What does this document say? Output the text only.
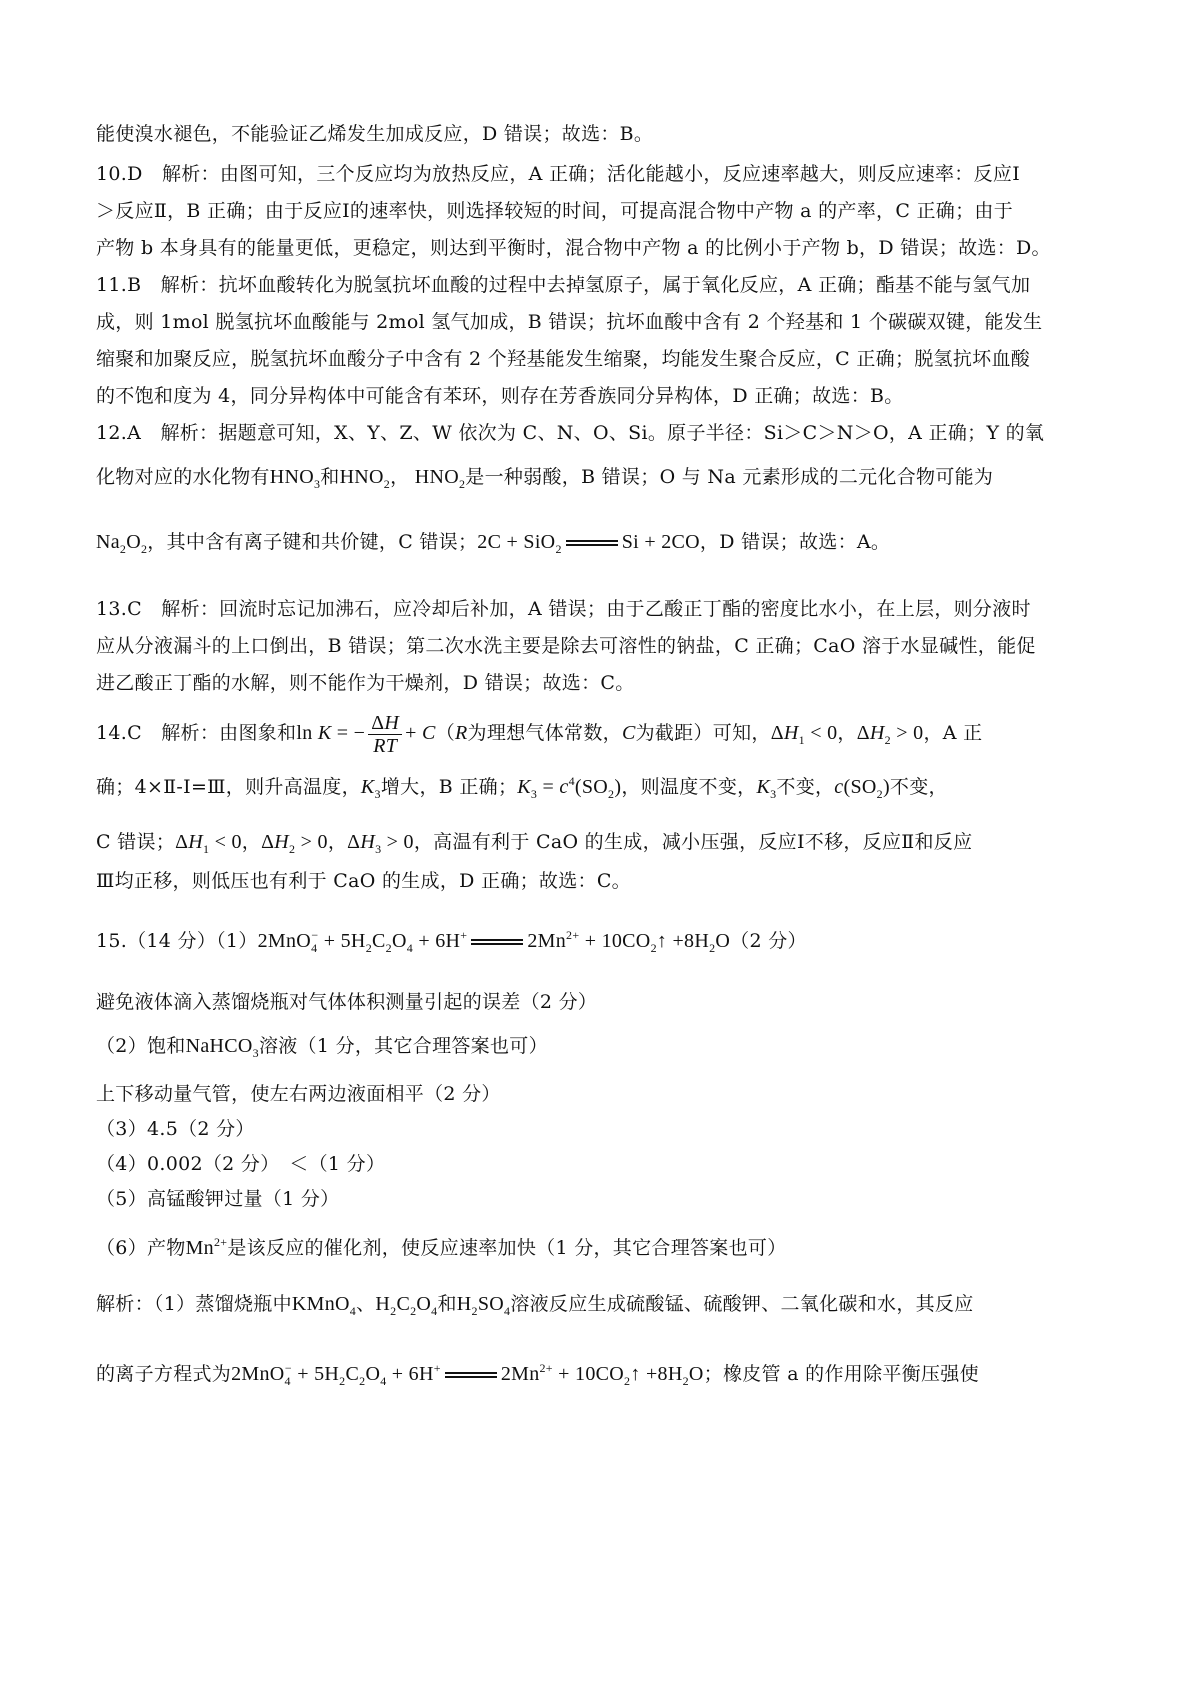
能使溴水褪色，不能验证乙烯发生加成反应，D 错误；故选：B。
10.D　解析：由图可知，三个反应均为放热反应，A 正确；活化能越小，反应速率越大，则反应速率：反应Ⅰ
＞反应Ⅱ，B 正确；由于反应Ⅰ的速率快，则选择较短的时间，可提高混合物中产物 a 的产率，C 正确；由于
产物 b 本身具有的能量更低，更稳定，则达到平衡时，混合物中产物 a 的比例小于产物 b，D 错误；故选：D。
11.B　解析：抗坏血酸转化为脱氢抗坏血酸的过程中去掉氢原子，属于氧化反应，A 正确；酯基不能与氢气加
成，则 1mol 脱氢抗坏血酸能与 2mol 氢气加成，B 错误；抗坏血酸中含有 2 个羟基和 1 个碳碳双键，能发生
缩聚和加聚反应，脱氢抗坏血酸分子中含有 2 个羟基能发生缩聚，均能发生聚合反应，C 正确；脱氢抗坏血酸
的不饱和度为 4，同分异构体中可能含有苯环，则存在芳香族同分异构体，D 正确；故选：B。
12.A　解析：据题意可知，X、Y、Z、W 依次为 C、N、O、Si。原子半径：Si＞C＞N＞O，A 正确；Y 的氧
化物对应的水化物有$HNO_3$和$HNO_2$， $HNO_2$是一种弱酸，B 错误；O 与 Na 元素形成的二元化合物可能为
$Na_2O_2$，其中含有离子键和共价键，C 错误；2C + SiO$_2$	Si + 2CO，D 错误；故选：A。
13.C　解析：回流时忘记加沸石，应冷却后补加，A 错误；由于乙酸正丁酯的密度比水小，在上层，则分液时
应从分液漏斗的上口倒出，B 错误；第二次水洗主要是除去可溶性的钠盐，C 正确；CaO 溶于水显碱性，能促
进乙酸正丁酯的水解，则不能作为干燥剂，D 错误；故选：C。
14.C　解析：由图象和ln K = − $\frac{\Delta H}{RT} + C(R$为理想气体常数，C为截距）可知，$\Delta H_1 < 0$，$\Delta H_2 > 0$，A 正
确；4×Ⅱ-Ⅰ=Ⅲ，则升高温度，$K_3$增大，B 正确；$K_3 = c^4(SO_2)$，则温度不变，$K_3$不变，$c(SO_2)$不变，
C 错误；$\Delta H_1 < 0$，$\Delta H_2 > 0$，$\Delta H_3 > 0$，高温有利于 CaO 的生成，减小压强，反应Ⅰ不移，反应Ⅱ和反应
Ⅲ均正移，则低压也有利于 CaO 的生成，D 正确；故选：C。
15.（14 分）$(1)2MnO_4^- + 5H_2C_2O_4 + 6H^+$	$2Mn^{2+}$ + $10CO_2↑ +8H_2O(2$ 分）
避免液体滴入蒸馏烧瓶对气体体积测量引起的误差（2 分）
（2）饱和NaHCO$_3$溶液（1 分，其它合理答案也可）
上下移动量气管，使左右两边液面相平（2 分）
（3）4.5（2 分）
（4）0.002（2 分）　＜（1 分）
（5）高锰酸钾过量（1 分）
（6）产物$Mn^{2+}$是该反应的催化剂，使反应速率加快（1 分，其它合理答案也可）
解析：（1）蒸馏烧瓶中KMnO$_4$、$H_2C_2O_4$和$H_2SO_4$溶液反应生成硫酸锰、硫酸钾、二氧化碳和水，其反应
的离子方程式为$2MnO_4^- + 5H_2C_2O_4 + 6H^+$	$2Mn^{2+}$ + $10CO_2↑ +8H_2O$；橡皮管 a 的作用除平衡压强使
